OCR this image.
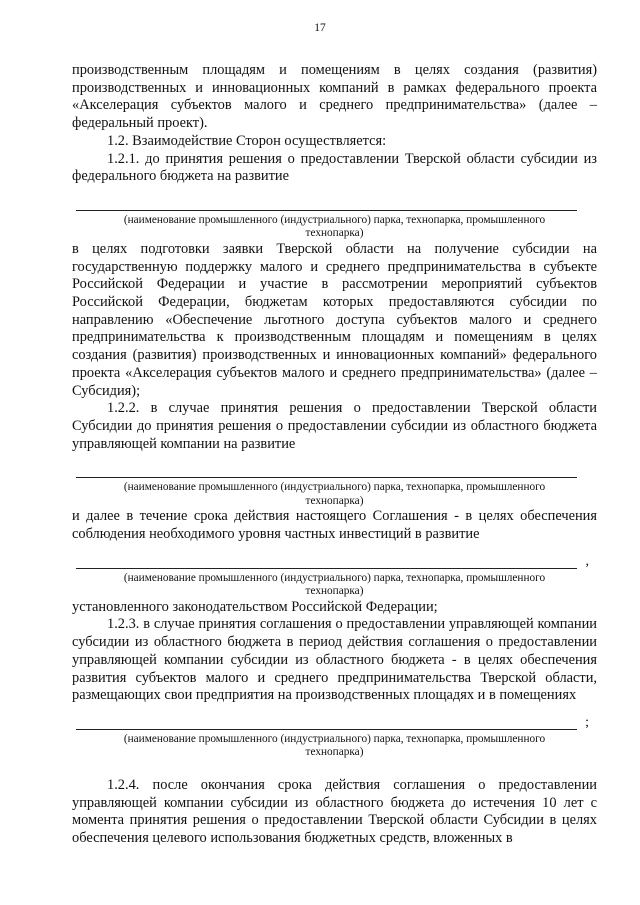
17

производственным площадям и помещениям в целях создания (развития) производственных и инновационных компаний в рамках федерального проекта «Акселерация субъектов малого и среднего предпринимательства» (далее – федеральный проект).

1.2. Взаимодействие Сторон осуществляется:

1.2.1. до принятия решения о предоставлении Тверской области субсидии из федерального бюджета на развитие

(наименование промышленного (индустриального) парка, технопарка, промышленного технопарка)

в целях подготовки заявки Тверской области на получение субсидии на государственную поддержку малого и среднего предпринимательства в субъекте Российской Федерации и участие в рассмотрении мероприятий субъектов Российской Федерации, бюджетам которых предоставляются субсидии по направлению «Обеспечение льготного доступа субъектов малого и среднего предпринимательства к производственным площадям и помещениям в целях создания (развития) производственных и инновационных компаний» федерального проекта «Акселерация субъектов малого и среднего предпринимательства» (далее – Субсидия);

1.2.2. в случае принятия решения о предоставлении Тверской области Субсидии до принятия решения о предоставлении субсидии из областного бюджета управляющей компании на развитие

(наименование промышленного (индустриального) парка, технопарка, промышленного технопарка)

и далее в течение срока действия настоящего Соглашения - в целях обеспечения соблюдения необходимого уровня частных инвестиций в развитие

,
(наименование промышленного (индустриального) парка, технопарка, промышленного технопарка)

установленного законодательством Российской Федерации;

1.2.3. в случае принятия соглашения о предоставлении управляющей компании субсидии из областного бюджета в период действия соглашения о предоставлении управляющей компании субсидии из областного бюджета - в целях обеспечения развития субъектов малого и среднего предпринимательства Тверской области, размещающих свои предприятия на производственных площадях и в помещениях

;
(наименование промышленного (индустриального) парка, технопарка, промышленного технопарка)

1.2.4. после окончания срока действия соглашения о предоставлении управляющей компании субсидии из областного бюджета до истечения 10 лет с момента принятия решения о предоставлении Тверской области Субсидии в целях обеспечения целевого использования бюджетных средств, вложенных в
